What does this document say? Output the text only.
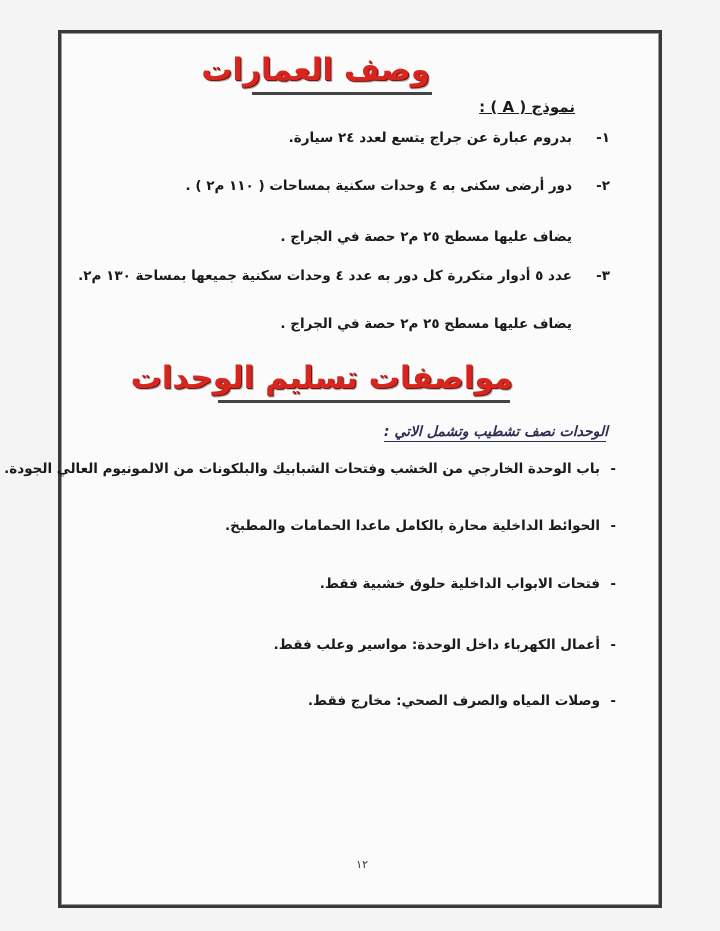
وصف العمارات
نموذج ( A ) :
١-
بدروم عبارة عن جراج يتسع لعدد ٢٤ سيارة.
٢-
دور أرضى سكنى به ٤ وحدات سكنية بمساحات ( ١١٠ م٢ ) .
يضاف عليها مسطح ٢٥ م٢ حصة في الجراج .
٣-
عدد ٥ أدوار متكررة كل دور به عدد ٤ وحدات سكنية جميعها بمساحة ١٣٠ م٢.
يضاف عليها مسطح ٢٥ م٢ حصة في الجراج .
مواصفات تسليم الوحدات
الوحدات نصف تشطيب وتشمل الاتي :
-
باب الوحدة الخارجي من الخشب وفتحات الشبابيك والبلكونات من الالمونيوم العالي الجودة.
-
الحوائط الداخلية محارة بالكامل ماعدا الحمامات والمطبخ.
-
فتحات الابواب الداخلية حلوق خشبية فقط.
-
أعمال الكهرباء داخل الوحدة: مواسير وعلب فقط.
-
وصلات المياه والصرف الصحي: مخارج فقط.
١٢
